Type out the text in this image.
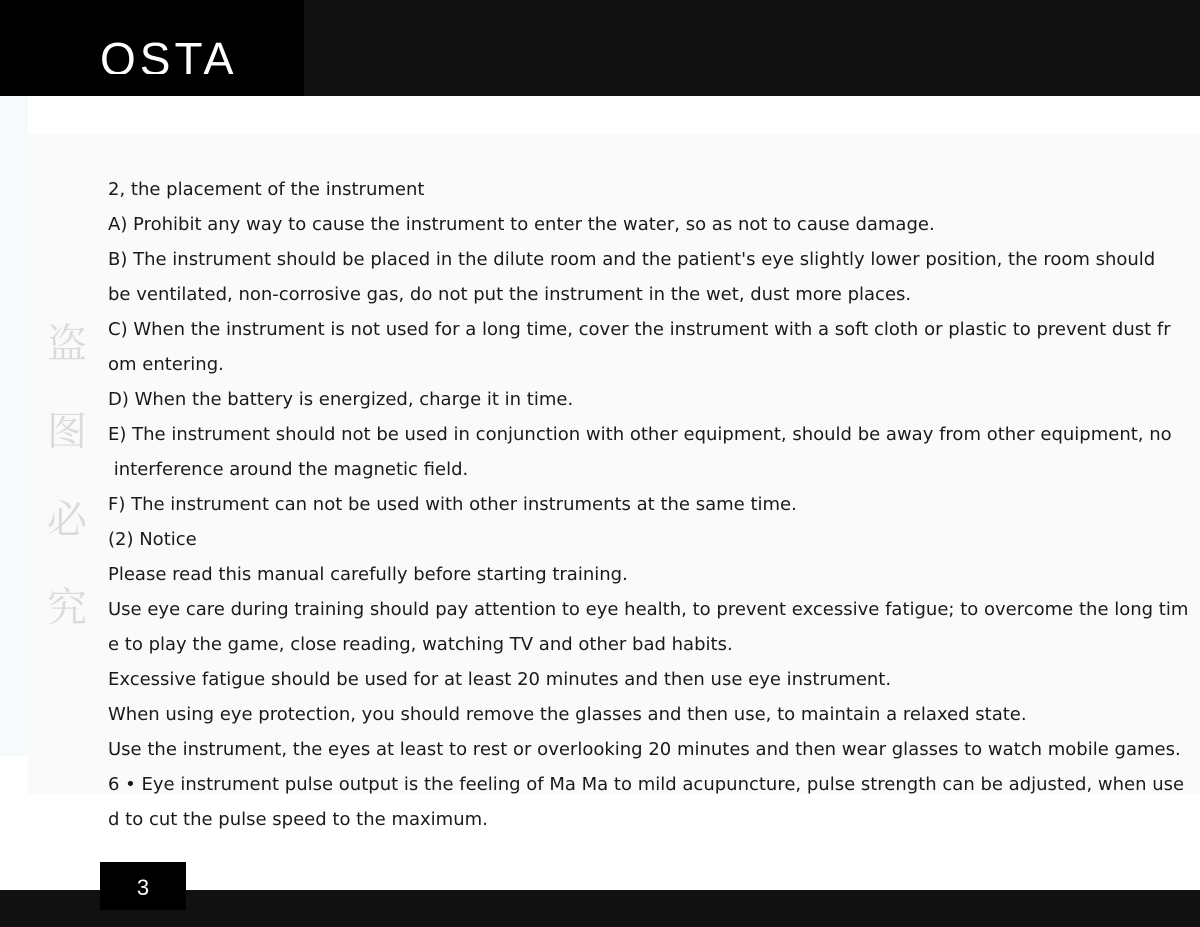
OSTA
盗
图
必
究
2, the placement of the instrument
A) Prohibit any way to cause the instrument to enter the water, so as not to cause damage.
B) The instrument should be placed in the dilute room and the patient's eye slightly lower position, the room should
be ventilated, non-corrosive gas, do not put the instrument in the wet, dust more places.
C) When the instrument is not used for a long time, cover the instrument with a soft cloth or plastic to prevent dust fr
om entering.
D) When the battery is energized, charge it in time.
E) The instrument should not be used in conjunction with other equipment, should be away from other equipment, no
interference around the magnetic field.
F) The instrument can not be used with other instruments at the same time.
(2) Notice
Please read this manual carefully before starting training.
Use eye care during training should pay attention to eye health, to prevent excessive fatigue; to overcome the long tim
e to play the game, close reading, watching TV and other bad habits.
Excessive fatigue should be used for at least 20 minutes and then use eye instrument.
When using eye protection, you should remove the glasses and then use, to maintain a relaxed state.
Use the instrument, the eyes at least to rest or overlooking 20 minutes and then wear glasses to watch mobile games.
6 • Eye instrument pulse output is the feeling of Ma Ma to mild acupuncture, pulse strength can be adjusted, when use
d to cut the pulse speed to the maximum.
3
